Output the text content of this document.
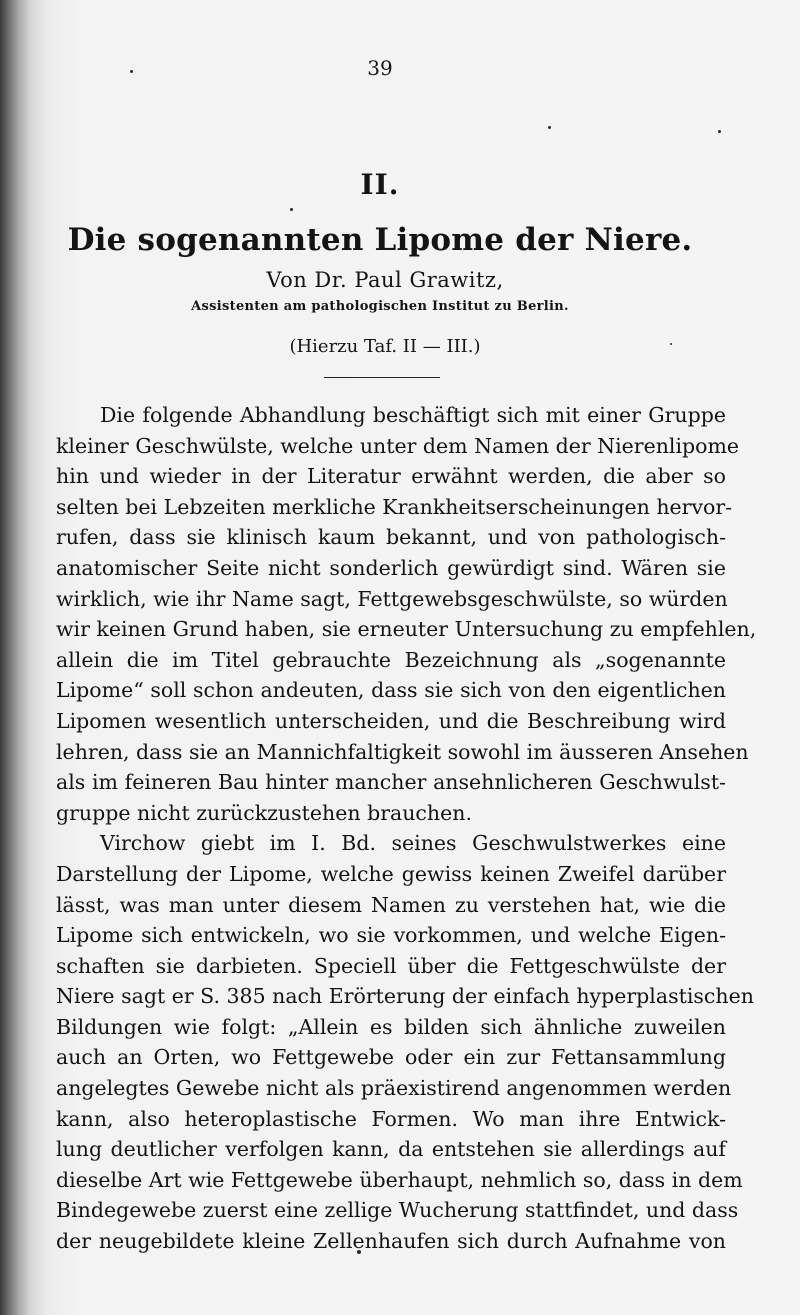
39
II.
Die sogenannten Lipome der Niere.
Von Dr. Paul Grawitz,
Assistenten am pathologischen Institut zu Berlin.
(Hierzu Taf. II — III.)
Die folgende Abhandlung beschäftigt sich mit einer Gruppe
kleiner Geschwülste, welche unter dem Namen der Nierenlipome
hin und wieder in der Literatur erwähnt werden, die aber so
selten bei Lebzeiten merkliche Krankheitserscheinungen hervor-
rufen, dass sie klinisch kaum bekannt, und von pathologisch-
anatomischer Seite nicht sonderlich gewürdigt sind. Wären sie
wirklich, wie ihr Name sagt, Fettgewebsgeschwülste, so würden
wir keinen Grund haben, sie erneuter Untersuchung zu empfehlen,
allein die im Titel gebrauchte Bezeichnung als „sogenannte
Lipome“ soll schon andeuten, dass sie sich von den eigentlichen
Lipomen wesentlich unterscheiden, und die Beschreibung wird
lehren, dass sie an Mannichfaltigkeit sowohl im äusseren Ansehen
als im feineren Bau hinter mancher ansehnlicheren Geschwulst-
gruppe nicht zurückzustehen brauchen.
Virchow giebt im I. Bd. seines Geschwulstwerkes eine
Darstellung der Lipome, welche gewiss keinen Zweifel darüber
lässt, was man unter diesem Namen zu verstehen hat, wie die
Lipome sich entwickeln, wo sie vorkommen, und welche Eigen-
schaften sie darbieten. Speciell über die Fettgeschwülste der
Niere sagt er S. 385 nach Erörterung der einfach hyperplastischen
Bildungen wie folgt: „Allein es bilden sich ähnliche zuweilen
auch an Orten, wo Fettgewebe oder ein zur Fettansammlung
angelegtes Gewebe nicht als präexistirend angenommen werden
kann, also heteroplastische Formen. Wo man ihre Entwick-
lung deutlicher verfolgen kann, da entstehen sie allerdings auf
dieselbe Art wie Fettgewebe überhaupt, nehmlich so, dass in dem
Bindegewebe zuerst eine zellige Wucherung stattfindet, und dass
der neugebildete kleine Zellenhaufen sich durch Aufnahme von
